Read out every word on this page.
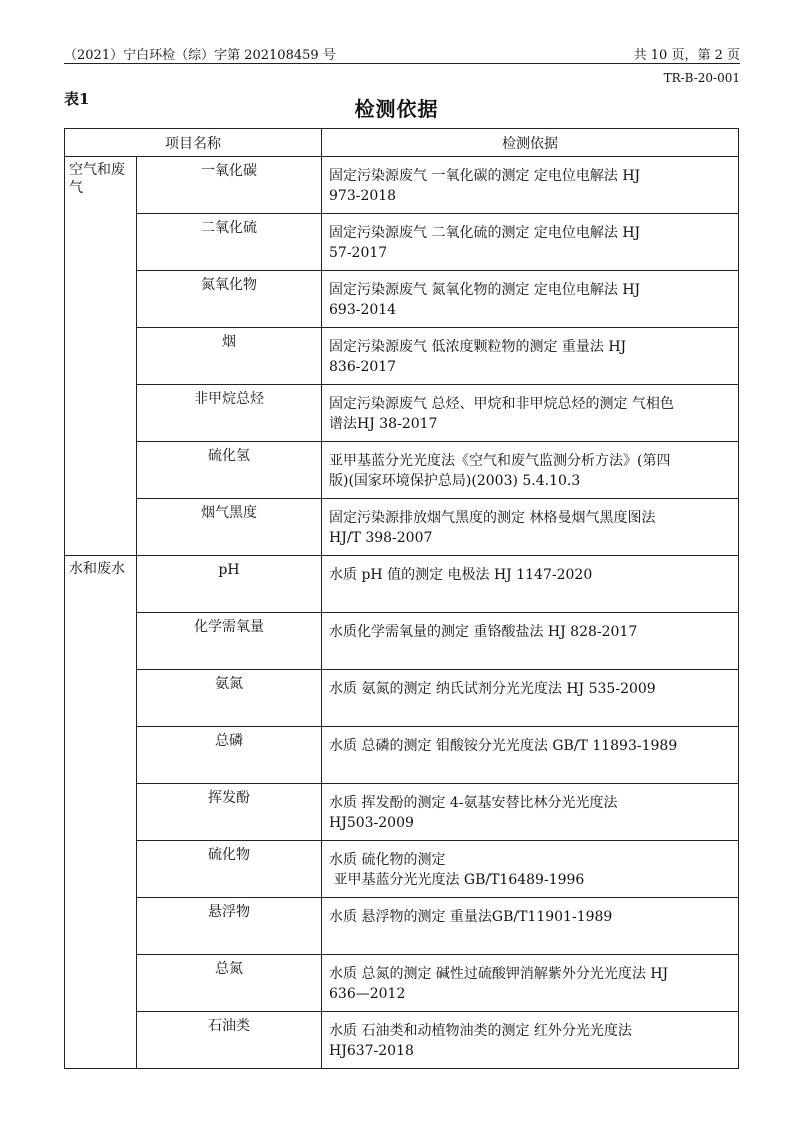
（2021）宁白环检（综）字第 202108459 号	共 10 页，第 2 页
TR-B-20-001
表1	检测依据
项目名称		检测依据
空气和废气	一氧化碳	固定污染源废气 一氧化碳的测定 定电位电解法 HJ
973-2018

	二氧化硫	固定污染源废气 二氧化硫的测定 定电位电解法 HJ
57-2017

	氮氧化物	固定污染源废气 氮氧化物的测定 定电位电解法 HJ
693-2014

	烟	固定污染源废气 低浓度颗粒物的测定 重量法 HJ
836-2017

	非甲烷总烃	固定污染源废气 总烃、甲烷和非甲烷总烃的测定 气相色
谱法HJ 38-2017

	硫化氢	亚甲基蓝分光光度法《空气和废气监测分析方法》(第四
版)(国家环境保护总局)(2003) 5.4.10.3

	烟气黑度	固定污染源排放烟气黑度的测定 林格曼烟气黑度图法
HJ/T 398-2007

水和废水	pH	水质 pH 值的测定 电极法 HJ 1147-2020

	化学需氧量	水质化学需氧量的测定 重铬酸盐法 HJ 828-2017

	氨氮	水质 氨氮的测定 纳氏试剂分光光度法 HJ 535-2009

	总磷	水质 总磷的测定 钼酸铵分光光度法 GB/T 11893-1989

	挥发酚	水质 挥发酚的测定 4-氨基安替比林分光光度法
HJ503-2009

	硫化物	水质 硫化物的测定
亚甲基蓝分光光度法 GB/T16489-1996

	悬浮物	水质 悬浮物的测定 重量法GB/T11901-1989

	总氮	水质 总氮的测定 碱性过硫酸钾消解紫外分光光度法 HJ
636—2012

	石油类	水质 石油类和动植物油类的测定 红外分光光度法
HJ637-2018
